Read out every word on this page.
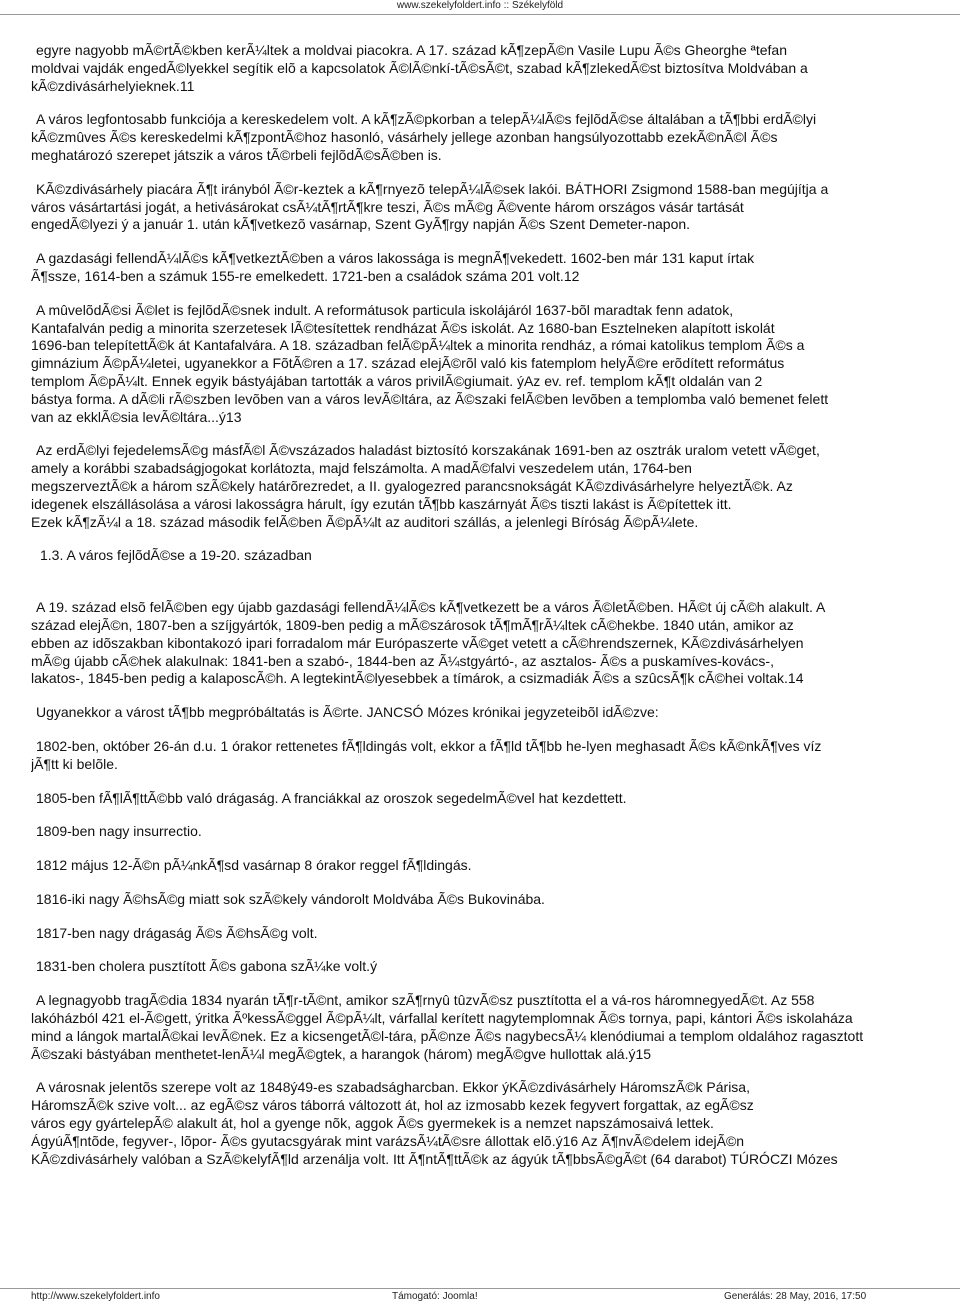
www.szekelyfoldert.info :: Székelyföld
egyre nagyobb mÃ©rtÃ©kben kerÃ¼ltek a moldvai piacokra. A 17. század kÃ¶zepÃ©n Vasile Lupu Ã©s Gheorghe ªtefan
moldvai vajdák engedÃ©lyekkel segítik elõ a kapcsolatok Ã©lÃ©nkí-tÃ©sÃ©t, szabad kÃ¶zlekedÃ©st biztosítva Moldvában a
kÃ©zdivásárhelyieknek.11
A város legfontosabb funkciója a kereskedelem volt. A kÃ¶zÃ©pkorban a telepÃ¼lÃ©s fejlõdÃ©se általában a tÃ¶bbi erdÃ©lyi
kÃ©zmûves Ã©s kereskedelmi kÃ¶zpontÃ©hoz hasonló, vásárhely jellege azonban hangsúlyozottabb ezekÃ©nÃ©l Ã©s
meghatározó szerepet játszik a város tÃ©rbeli fejlõdÃ©sÃ©ben is.
KÃ©zdivásárhely piacára Ã¶t irányból Ã©r-keztek a kÃ¶rnyezõ telepÃ¼lÃ©sek lakói. BÁTHORI Zsigmond 1588-ban megújítja a
város vásártartási jogát, a hetivásárokat csÃ¼tÃ¶rtÃ¶kre teszi, Ã©s mÃ©g Ã©vente három országos vásár tartását
engedÃ©lyezi ý a január 1. után kÃ¶vetkezõ vasárnap, Szent GyÃ¶rgy napján Ã©s Szent Demeter-napon.
A gazdasági fellendÃ¼lÃ©s kÃ¶vetkeztÃ©ben a város lakossága is megnÃ¶vekedett. 1602-ben már 131 kaput írtak
Ã¶ssze, 1614-ben a számuk 155-re emelkedett. 1721-ben a családok száma 201 volt.12
A mûvelõdÃ©si Ã©let is fejlõdÃ©snek indult. A reformátusok particula iskolájáról 1637-bõl maradtak fenn adatok,
Kantafalván pedig a minorita szerzetesek lÃ©tesítettek rendházat Ã©s iskolát. Az 1680-ban Esztelneken alapított iskolát
1696-ban telepítettÃ©k át Kantafalvára. A 18. században felÃ©pÃ¼ltek a minorita rendház, a római katolikus templom Ã©s a
gimnázium Ã©pÃ¼letei, ugyanekkor a FõtÃ©ren a 17. század elejÃ©rõl való kis fatemplom helyÃ©re erõdített református
templom Ã©pÃ¼lt. Ennek egyik bástyájában tartották a város privilÃ©giumait. ýAz ev. ref. templom kÃ¶t oldalán van 2
bástya forma. A dÃ©li rÃ©szben levõben van a város levÃ©ltára, az Ã©szaki felÃ©ben levõben a templomba való bemenet felett
van az ekklÃ©sia levÃ©ltára...ý13
Az erdÃ©lyi fejedelemsÃ©g másfÃ©l Ã©vszázados haladást biztosító korszakának 1691-ben az osztrák uralom vetett vÃ©get,
amely a korábbi szabadságjogokat korlátozta, majd felszámolta. A madÃ©falvi veszedelem után, 1764-ben
megszerveztÃ©k a három szÃ©kely határõrezredet, a II. gyalogezred parancsnokságát KÃ©zdivásárhelyre helyeztÃ©k. Az
idegenek elszállásolása a városi lakosságra hárult, így ezután tÃ¶bb kaszárnyát Ã©s tiszti lakást is Ã©pítettek itt.
Ezek kÃ¶zÃ¼l a 18. század második felÃ©ben Ã©pÃ¼lt az auditori szállás, a jelenlegi Bíróság Ã©pÃ¼lete.
1.3. A város fejlõdÃ©se a 19-20. században
A 19. század elsõ felÃ©ben egy újabb gazdasági fellendÃ¼lÃ©s kÃ¶vetkezett be a város Ã©letÃ©ben. HÃ©t új cÃ©h alakult. A
század elejÃ©n, 1807-ben a szíjgyártók, 1809-ben pedig a mÃ©szárosok tÃ¶mÃ¶rÃ¼ltek cÃ©hekbe. 1840 után, amikor az
ebben az idõszakban kibontakozó ipari forradalom már Európaszerte vÃ©get vetett a cÃ©hrendszernek, KÃ©zdivásárhelyen
mÃ©g újabb cÃ©hek alakulnak: 1841-ben a szabó-, 1844-ben az Ã¼stgyártó-, az asztalos- Ã©s a puskamíves-kovács-,
lakatos-, 1845-ben pedig a kalaposcÃ©h. A legtekintÃ©lyesebbek a tímárok, a csizmadiák Ã©s a szûcsÃ¶k cÃ©hei voltak.14
Ugyanekkor a várost tÃ¶bb megpróbáltatás is Ã©rte. JANCSÓ Mózes krónikai jegyzeteibõl idÃ©zve:
1802-ben, október 26-án d.u. 1 órakor rettenetes fÃ¶ldingás volt, ekkor a fÃ¶ld tÃ¶bb he-lyen meghasadt Ã©s kÃ©nkÃ¶ves víz
jÃ¶tt ki belõle.
1805-ben fÃ¶lÃ¶ttÃ©bb való drágaság. A franciákkal az oroszok segedelmÃ©vel hat kezdettett.
1809-ben nagy insurrectio.
1812 május 12-Ã©n pÃ¼nkÃ¶sd vasárnap 8 órakor reggel fÃ¶ldingás.
1816-iki nagy Ã©hsÃ©g miatt sok szÃ©kely vándorolt Moldvába Ã©s Bukovinába.
1817-ben nagy drágaság Ã©s Ã©hsÃ©g volt.
1831-ben cholera pusztított Ã©s gabona szÃ¼ke volt.ý
A legnagyobb tragÃ©dia 1834 nyarán tÃ¶r-tÃ©nt, amikor szÃ¶rnyû tûzvÃ©sz pusztította el a vá-ros háromnegyedÃ©t. Az 558
lakóházból 421 el-Ã©gett, ýritka ÃºkessÃ©ggel Ã©pÃ¼lt, várfallal kerített nagytemplomnak Ã©s tornya, papi, kántori Ã©s iskolaháza
mind a lángok martalÃ©kai levÃ©nek. Ez a kicsengetÃ©l-tára, pÃ©nze Ã©s nagybecsÃ¼ klenódiumai a templom oldalához ragasztott
Ã©szaki bástyában menthetet-lenÃ¼l megÃ©gtek, a harangok (három) megÃ©gve hullottak alá.ý15
A városnak jelentõs szerepe volt az 1848ý49-es szabadságharcban. Ekkor ýKÃ©zdivásárhely HáromszÃ©k Párisa,
HáromszÃ©k szive volt... az egÃ©sz város táborrá változott át, hol az izmosabb kezek fegyvert forgattak, az egÃ©sz
város egy gyártelepÃ© alakult át, hol a gyenge nõk, aggok Ã©s gyermekek is a nemzet napszámosaivá lettek.
ÁgyúÃ¶ntõde, fegyver-, lõpor- Ã©s gyutacsgyárak mint varázsÃ¼tÃ©sre állottak elõ.ý16 Az Ã¶nvÃ©delem idejÃ©n
KÃ©zdivásárhely valóban a SzÃ©kelyfÃ¶ld arzenálja volt. Itt Ã¶ntÃ¶ttÃ©k az ágyúk tÃ¶bbsÃ©gÃ©t (64 darabot) TÚRÓCZI Mózes
http://www.szekelyfoldert.info	Támogató: Joomla!	Generálás: 28 May, 2016, 17:50
